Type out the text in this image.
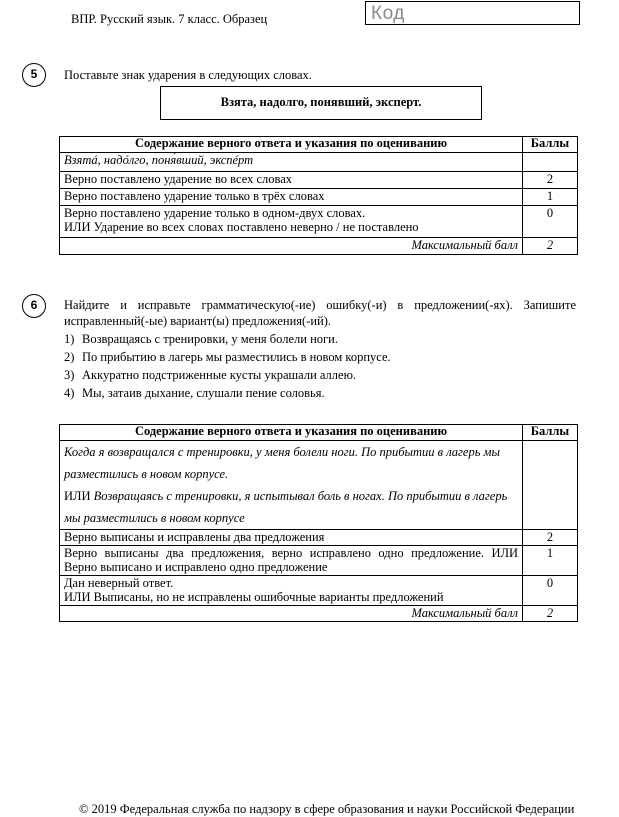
ВПР. Русский язык. 7 класс. Образец	Код
5	Поставьте знак ударения в следующих словах.
Взята, надолго, понявший, эксперт.
Содержание верного ответа и указания по оцениванию	Баллы
Взятá, надóлго, поня́вший, экспéрт	
Верно поставлено ударение во всех словах	2
Верно поставлено ударение только в трёх словах	1

Верно поставлено ударение только в одном-двух словах.
ИЛИ Ударение во всех словах поставлено неверно / не поставлено	0
Максимальный балл	2
6	Найдите и исправьте грамматическую(-ие) ошибку(-и) в предложении(-ях). Запишите исправленный(-ые) вариант(ы) предложения(-ий).
1) Возвращаясь с тренировки, у меня болели ноги.
2) По прибытию в лагерь мы разместились в новом корпусе.
3) Аккуратно подстриженные кусты украшали аллею.
4) Мы, затаив дыхание, слушали пение соловья.
Содержание верного ответа и указания по оцениванию	Баллы

Когда я возвращался с тренировки, у меня болели ноги. По прибытии в лагерь мы
разместились в новом корпусе.
ИЛИ Возвращаясь с тренировки, я испытывал боль в ногах. По прибытии в лагерь
мы разместились в новом корпусе	

Верно выписаны и исправлены два предложения	2
Верно выписаны два предложения, верно исправлено одно предложение. ИЛИ Верно выписано и исправлено одно предложение	1

Дан неверный ответ.
ИЛИ Выписаны, но не исправлены ошибочные варианты предложений	0
Максимальный балл	2
© 2019 Федеральная служба по надзору в сфере образования и науки Российской Федерации
